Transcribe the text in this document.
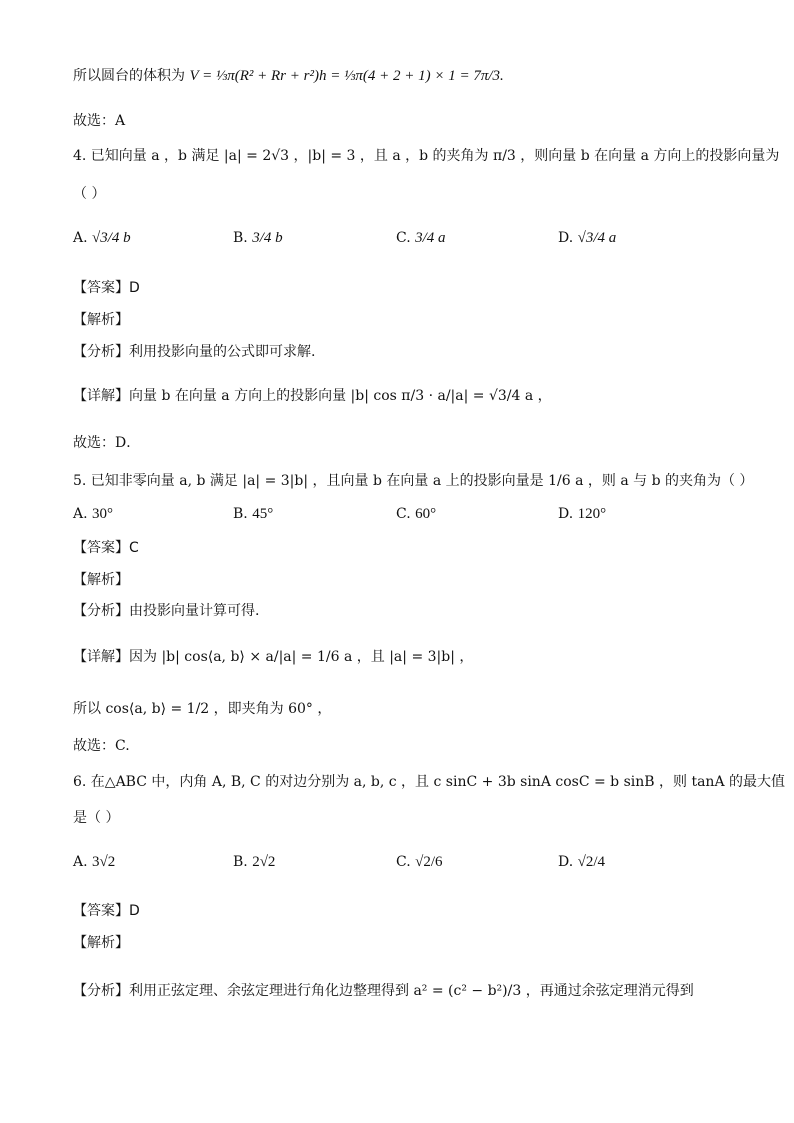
所以圆台的体积为 V = ⅓π(R² + Rr + r²)h = ⅓π(4 + 2 + 1) × 1 = 7π/3.
故选：A
4. 已知向量 a ，b 满足 |a| = 2√3 ，|b| = 3 ，且 a ，b 的夹角为 π/3 ，则向量 b 在向量 a 方向上的投影向量为
（ ）
A. √3/4 b	B. 3/4 b	C. 3/4 a	D. √3/4 a
【答案】D
【解析】
【分析】利用投影向量的公式即可求解.
【详解】向量 b 在向量 a 方向上的投影向量 |b| cos π/3 · a/|a| = √3/4 a ，
故选：D．
5. 已知非零向量 a, b 满足 |a| = 3|b| ，且向量 b 在向量 a 上的投影向量是 1/6 a ，则 a 与 b 的夹角为（ ）
A. 30°	B. 45°	C. 60°	D. 120°
【答案】C
【解析】
【分析】由投影向量计算可得.
【详解】因为 |b| cos⟨a, b⟩ × a/|a| = 1/6 a ，且 |a| = 3|b| ，
所以 cos⟨a, b⟩ = 1/2 ，即夹角为 60° ，
故选：C.
6. 在△ABC 中，内角 A, B, C 的对边分别为 a, b, c ，且 c sinC + 3b sinA cosC = b sinB ，则 tanA 的最大值
是（ ）
A. 3√2	B. 2√2	C. √2/6	D. √2/4
【答案】D
【解析】
【分析】利用正弦定理、余弦定理进行角化边整理得到 a² = (c² − b²)/3 ，再通过余弦定理消元得到
